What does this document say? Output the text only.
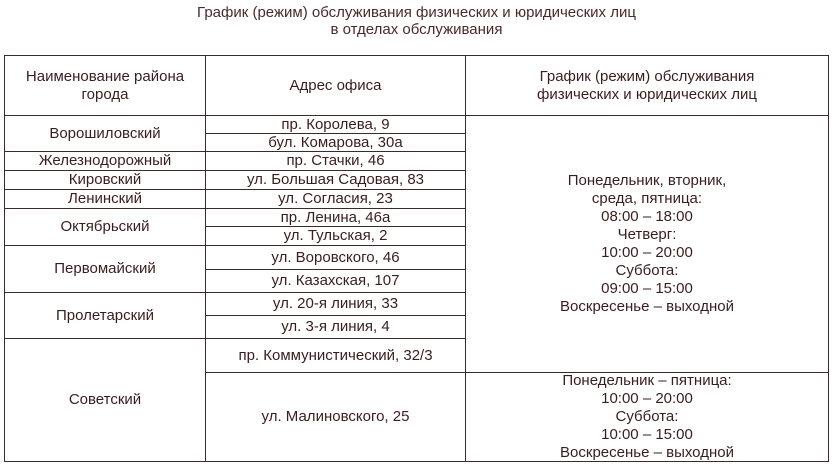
График (режим) обслуживания физических и юридических лиц
в отделах обслуживания
Наименование района города
Адрес офиса
График (режим) обслуживания физических и юридических лиц
Ворошиловский
Железнодорожный
Кировский
Ленинский
Октябрьский
Первомайский
Пролетарский
Советский
пр. Королева, 9
бул. Комарова, 30а
пр. Стачки, 46
ул. Большая Садовая, 83
ул. Согласия, 23
пр. Ленина, 46а
ул. Тульская, 2
ул. Воровского, 46
ул. Казахская, 107
ул. 20-я линия, 33
ул. 3-я линия, 4
пр. Коммунистический, 32/3
ул. Малиновского, 25
Понедельник, вторник,
среда, пятница:
08:00 – 18:00
Четверг:
10:00 – 20:00
Суббота:
09:00 – 15:00
Воскресенье – выходной
Понедельник – пятница:
10:00 – 20:00
Суббота:
10:00 – 15:00
Воскресенье – выходной
